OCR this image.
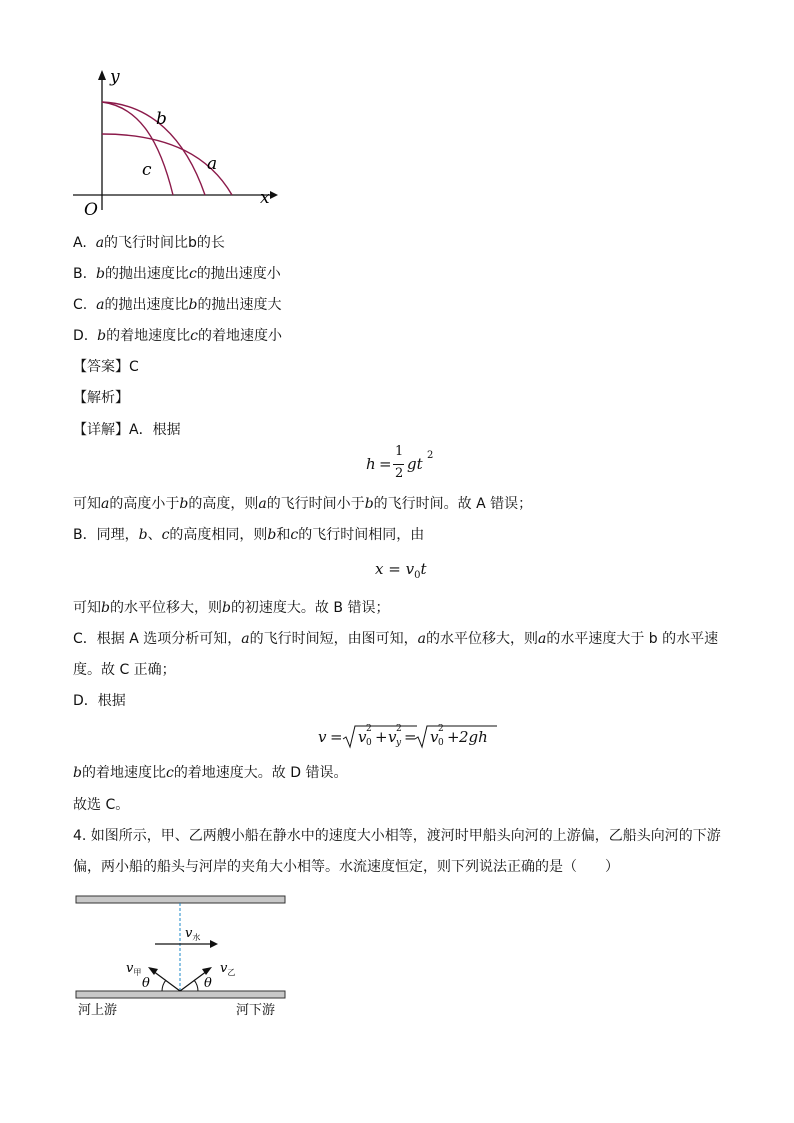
y
x
O
b
c	a
A. a的飞行时间比b的长
B. b的抛出速度比c的抛出速度小
C. a的抛出速度比b的抛出速度大
D. b的着地速度比c的着地速度小
【答案】C
【解析】
【详解】A．根据
h =
1
2
gt 2
可知a的高度小于b的高度，则a的飞行时间小于b的飞行时间。故 A 错误；
B．同理，b、c的高度相同，则b和c的飞行时间相同，由
$x = v_0t$
可知b的水平位移大，则b的初速度大。故 B 错误；
C．根据 A 选项分析可知，a的飞行时间短，由图可知，a的水平位移大，则a的水平速度大于 b 的水平速
度。故 C 正确；
D．根据
v = v 2
0 + v 2
y = v 2
0 + 2gh
b的着地速度比c的着地速度大。故 D 错误。
故选 C。
4. 如图所示，甲、乙两艘小船在静水中的速度大小相等，渡河时甲船头向河的上游偏，乙船头向河的下游
偏，两小船的船头与河岸的夹角大小相等。水流速度恒定，则下列说法正确的是（　　）
$v_水$
$v_甲$	$v_乙$
θ	θ
河上游	河下游
